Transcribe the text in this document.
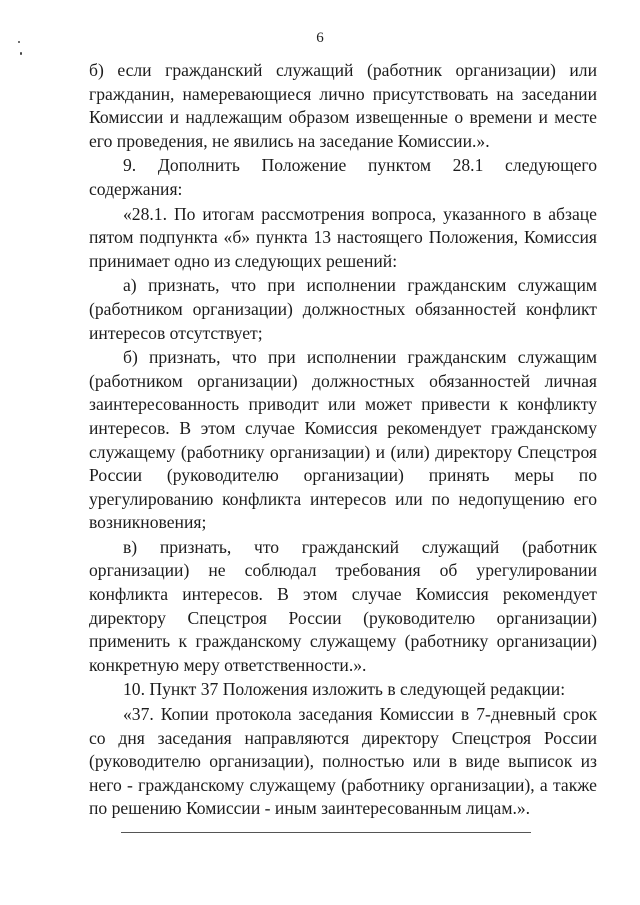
6

б) если гражданский служащий (работник организации) или гражданин, намеревающиеся лично присутствовать на заседании Комиссии и надлежащим образом извещенные о времени и месте его проведения, не явились на заседание Комиссии.».

9. Дополнить Положение пунктом 28.1 следующего содержания:

«28.1. По итогам рассмотрения вопроса, указанного в абзаце пятом подпункта «б» пункта 13 настоящего Положения, Комиссия принимает одно из следующих решений:

а) признать, что при исполнении гражданским служащим (работником организации) должностных обязанностей конфликт интересов отсутствует;

б) признать, что при исполнении гражданским служащим (работником организации) должностных обязанностей личная заинтересованность приводит или может привести к конфликту интересов. В этом случае Комиссия рекомендует гражданскому служащему (работнику организации) и (или) директору Спецстроя России (руководителю организации) принять меры по урегулированию конфликта интересов или по недопущению его возникновения;

в) признать, что гражданский служащий (работник организации) не соблюдал требования об урегулировании конфликта интересов. В этом случае Комиссия рекомендует директору Спецстроя России (руководителю организации) применить к гражданскому служащему (работнику организации) конкретную меру ответственности.».

10. Пункт 37 Положения изложить в следующей редакции:

«37. Копии протокола заседания Комиссии в 7-дневный срок со дня заседания направляются директору Спецстроя России (руководителю организации), полностью или в виде выписок из него - гражданскому служащему (работнику организации), а также по решению Комиссии - иным заинтересованным лицам.».
